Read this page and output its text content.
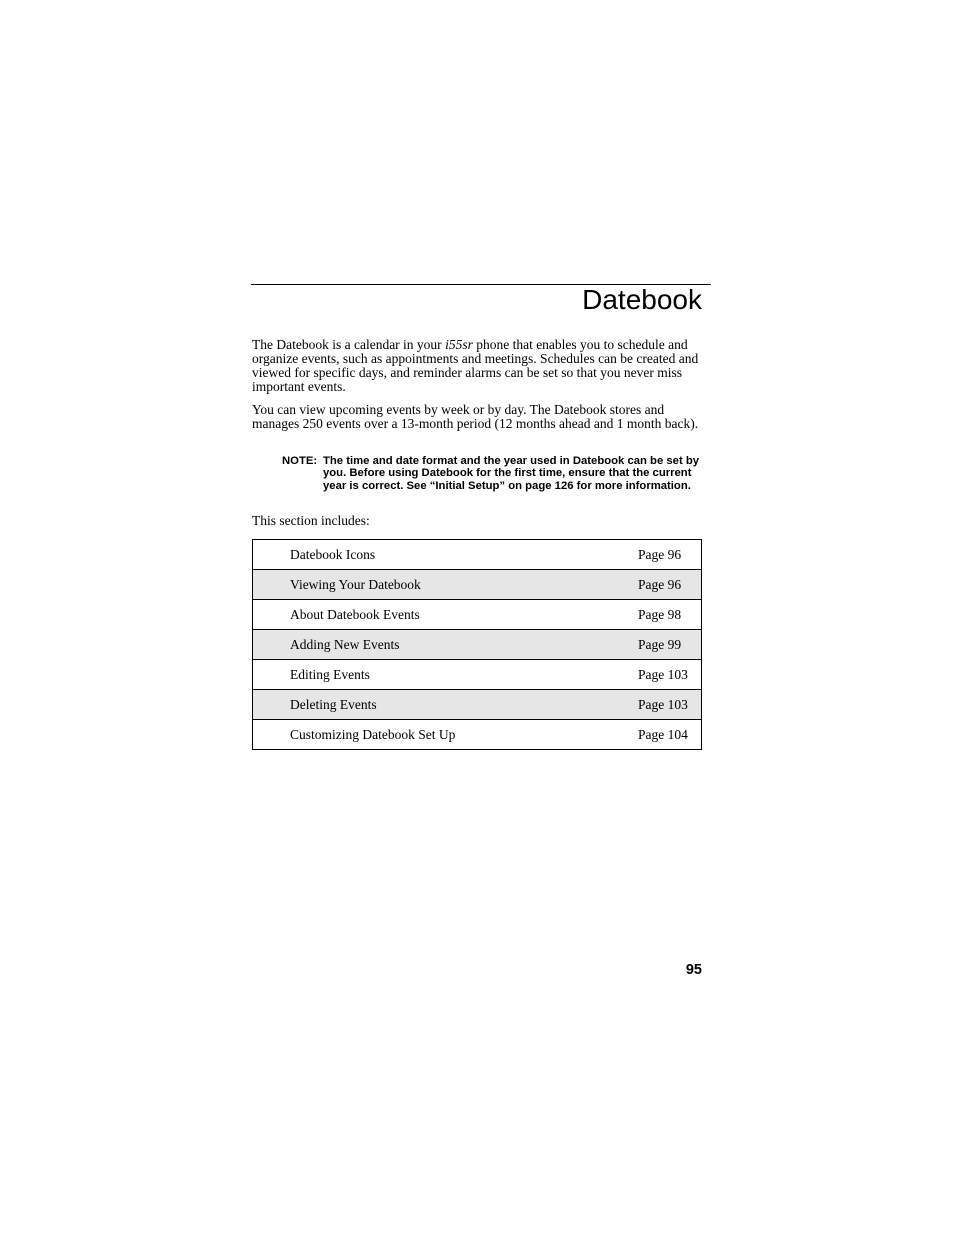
Datebook

The Datebook is a calendar in your i55sr phone that enables you to schedule and organize events, such as appointments and meetings. Schedules can be created and viewed for specific days, and reminder alarms can be set so that you never miss important events.

You can view upcoming events by week or by day. The Datebook stores and manages 250 events over a 13-month period (12 months ahead and 1 month back).

NOTE: The time and date format and the year used in Datebook can be set by you. Before using Datebook for the first time, ensure that the current year is correct. See “Initial Setup” on page 126 for more information.

This section includes:

Datebook Icons	Page 96
Viewing Your Datebook	Page 96
About Datebook Events	Page 98
Adding New Events	Page 99
Editing Events	Page 103
Deleting Events	Page 103
Customizing Datebook Set Up	Page 104
95
